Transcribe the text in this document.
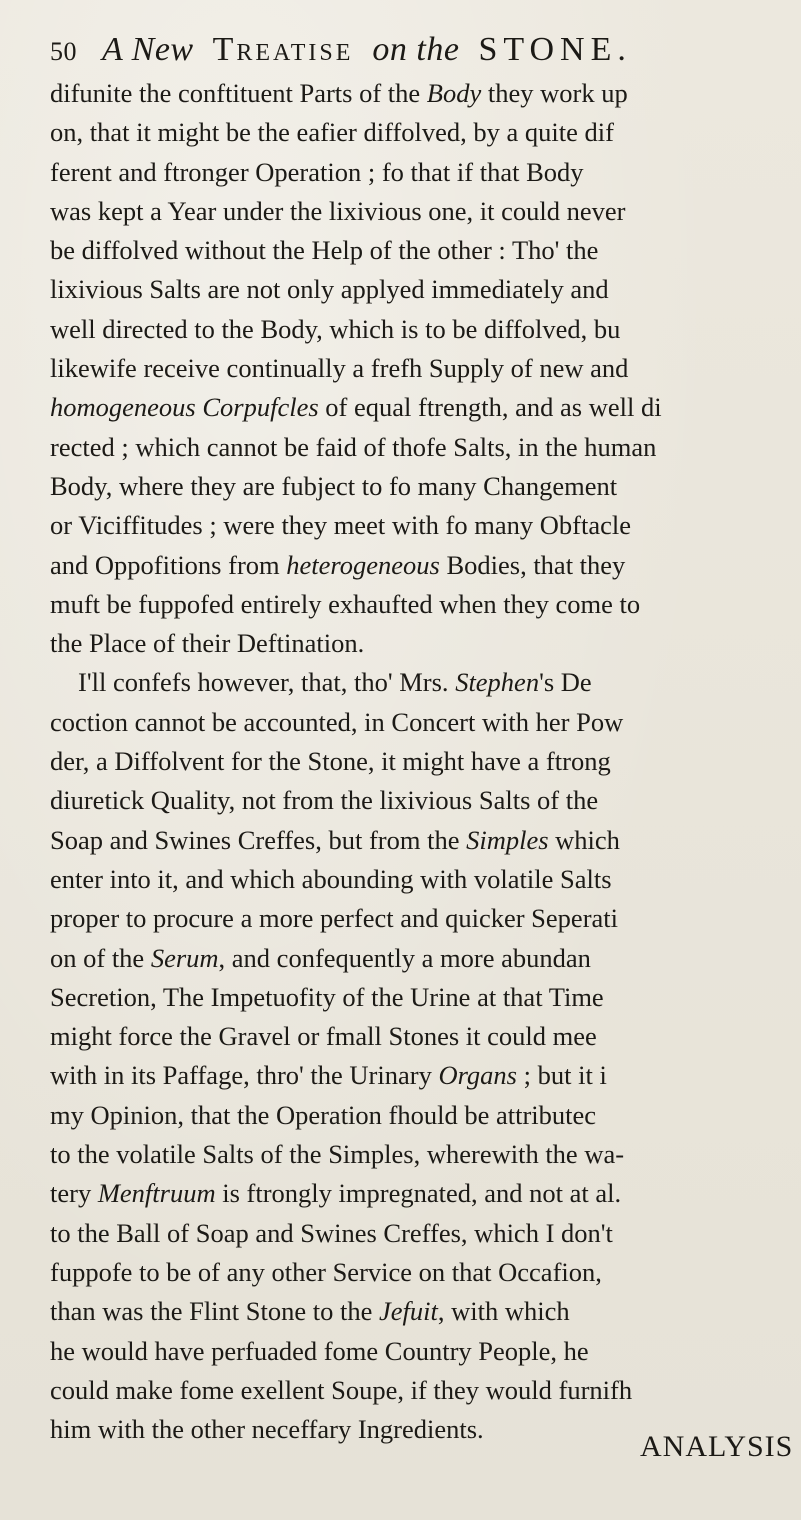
50 A New Treatise on the STONE.
difunite the conftituent Parts of the Body they work up
on, that it might be the eafier diffolved, by a quite dif
ferent and ftronger Operation ; fo that if that Body
was kept a Year under the lixivious one, it could never
be diffolved without the Help of the other : Tho' the
lixivious Salts are not only applyed immediately and
well directed to the Body, which is to be diffolved, bu
likewife receive continually a frefh Supply of new and
homogeneous Corpufcles of equal ftrength, and as well di
rected ; which cannot be faid of thofe Salts, in the human
Body, where they are fubject to fo many Changement
or Viciffitudes ; were they meet with fo many Obftacle
and Oppofitions from heterogeneous Bodies, that they
muft be fuppofed entirely exhaufted when they come to
the Place of their Deftination.
I'll confefs however, that, tho' Mrs. Stephen's De
coction cannot be accounted, in Concert with her Pow
der, a Diffolvent for the Stone, it might have a ftrong
diuretick Quality, not from the lixivious Salts of the
Soap and Swines Creffes, but from the Simples which
enter into it, and which abounding with volatile Salts
proper to procure a more perfect and quicker Seperati
on of the Serum, and confequently a more abundan
Secretion, The Impetuofity of the Urine at that Time
might force the Gravel or fmall Stones it could mee
with in its Paffage, thro' the Urinary Organs ; but it i
my Opinion, that the Operation fhould be attributec
to the volatile Salts of the Simples, wherewith the wa-
tery Menftruum is ftrongly impregnated, and not at al.
to the Ball of Soap and Swines Creffes, which I don't
fuppofe to be of any other Service on that Occafion,
than was the Flint Stone to the Jefuit, with which
he would have perfuaded fome Country People, he
could make fome exellent Soupe, if they would furnifh
him with the other neceffary Ingredients.
ANALYSIS
